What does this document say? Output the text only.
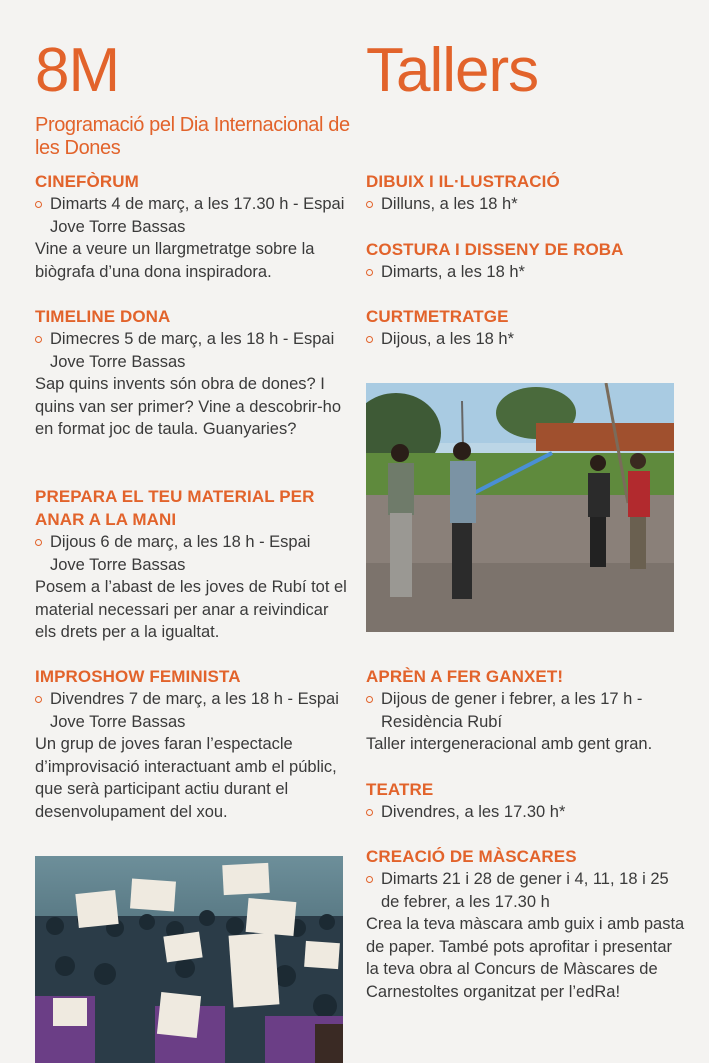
8M

Programació pel Dia Internacional de les Dones

CINEFÒRUM

Dimarts 4 de març, a les 17.30 h - Espai Jove Torre Bassas
Vine a veure un llargmetratge sobre la biògrafa d’una dona inspiradora.

TIMELINE DONA

Dimecres 5 de març, a les 18 h - Espai Jove Torre Bassas
Sap quins invents són obra de dones? I quins van ser primer? Vine a descobrir-ho en format joc de taula. Guanyaries?

PREPARA EL TEU MATERIAL PER ANAR A LA MANI

Dijous 6 de març, a les 18 h - Espai Jove Torre Bassas
Posem a l’abast de les joves de Rubí tot el material necessari per anar a reivindicar els drets per a la igualtat.

IMPROSHOW FEMINISTA

Divendres 7 de març, a les 18 h - Espai Jove Torre Bassas
Un grup de joves faran l’espectacle d’improvisació interactuant amb el públic, que serà participant actiu durant el desenvolupament del xou.
Tallers

DIBUIX I IL·LUSTRACIÓ

Dilluns, a les 18 h*

COSTURA I DISSENY DE ROBA

Dimarts, a les 18 h*

CURTMETRATGE

Dijous, a les 18 h*

APRÈN A FER GANXET!

Dijous de gener i febrer, a les 17 h - Residència Rubí
Taller intergeneracional amb gent gran.

TEATRE

Divendres, a les 17.30 h*

CREACIÓ DE MÀSCARES

Dimarts 21 i 28 de gener i 4, 11, 18 i 25 de febrer, a les 17.30 h
Crea la teva màscara amb guix i amb pasta de paper. També pots aprofitar i presentar la teva obra al Concurs de Màscares de Carnestoltes organitzat per l’edRa!
